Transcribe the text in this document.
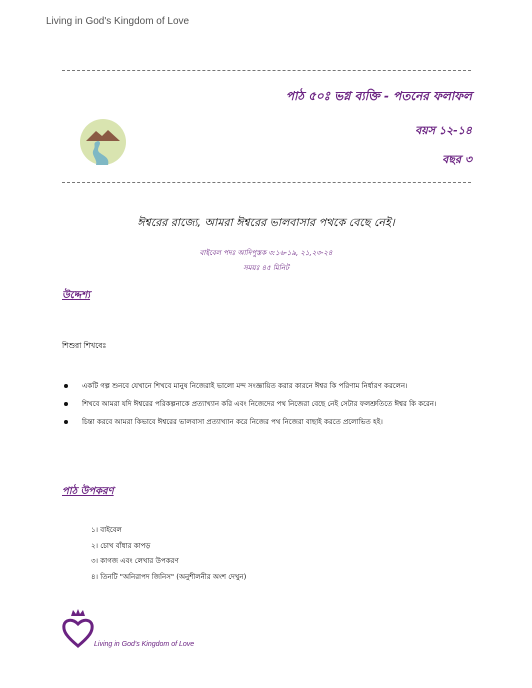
Living in God's Kingdom of Love
পাঠ ৫০ঃ ভগ্ন ব্যক্তি - পতনের ফলাফল
বয়স ১২-১৪
বছর ৩
ঈশ্বরের রাজ্যে, আমরা ঈশ্বরের ভালবাসার পথকে বেছে নেই।
বাইবেল পদঃ আদিপুস্তক ৩:১৬-১৯, ২১,২৩-২৪
সময়ঃ ৪৫ মিনিট
উদ্দেশ্য
শিশুরা শিখবেঃ
একটি গল্প শুনবে যেখানে শিখবে মানুষ নিজেরাই ভালো মন্দ সংজ্ঞায়িত করার কারনে ঈশ্বর কি পরিণাম নির্ধারণ করলেন।
শিখবে আমরা যদি ঈশ্বরের পরিকল্পনাকে প্রত্যাখ্যান করি এবং নিজেদের পথ নিজেরা বেছে নেই সেটার ফলশ্রুতিতে ঈশ্বর কি করেন।
চিন্তা করবে আমরা কিভাবে ঈশ্বরের ভালবাসা প্রত্যাখ্যান করে নিজের পথ নিজেরা বাছাই করতে প্রলোভিত হই।
পাঠ উপকরণ
১। বাইবেল
২। চোখ বাঁধার কাপড়
৩। কাগজ এবং লেখার উপকরণ
৪। তিনটি "অনিরাপদ জিনিস" (অনুশীলনীর অংশ দেখুন)
Living in God's Kingdom of Love
